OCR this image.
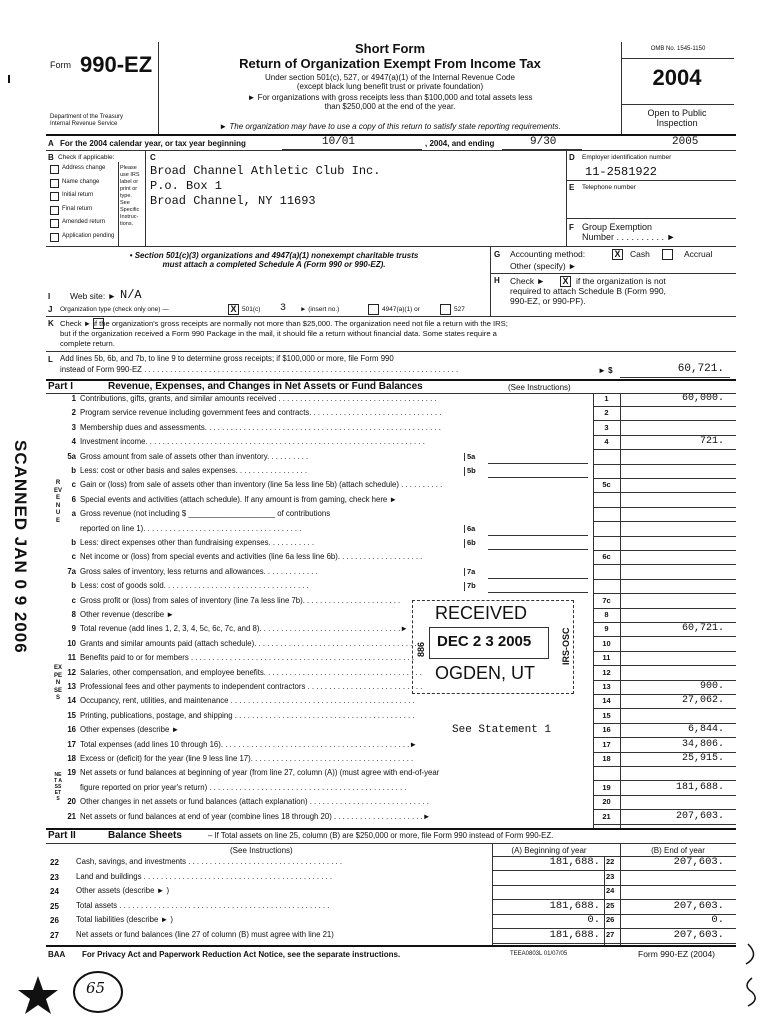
Form 990-EZ
Department of the Treasury
Internal Revenue Service
Short Form
Return of Organization Exempt From Income Tax
Under section 501(c), 527, or 4947(a)(1) of the Internal Revenue Code
(except black lung benefit trust or private foundation)
► For organizations with gross receipts less than $100,000 and total assets less
than $250,000 at the end of the year.
► The organization may have to use a copy of this return to satisfy state reporting requirements.
OMB No. 1545-1150
2004
Open to Public
Inspection
A For the 2004 calendar year, or tax year beginning	10/01	, 2004, and ending	9/30	2005
B Check if applicable:
Address change
Name change
Initial return
Final return
Amended return
Application pending
Please
use IRS
label or
print or
type.
See
Specific
Instruc-
tions.
C
Broad Channel Athletic Club Inc.
P.o. Box 1
Broad Channel, NY 11693
D Employer identification number
11-2581922
E Telephone number
F Group Exemption
Number . . . . . . . . . . ►
• Section 501(c)(3) organizations and 4947(a)(1) nonexempt charitable trusts
must attach a completed Schedule A (Form 990 or 990-EZ).
G Accounting method:	X Cash	Accrual
Other (specify) ►
H Check ► X if the organization is not
required to attach Schedule B (Form 990,
990-EZ, or 990-PF).
I Web site: ► N/A
J Organization type (check only one) —	X 501(c) 3 ► (insert no.)	4947(a)(1) or	527
K Check ► if the organization's gross receipts are normally not more than $25,000. The organization need not file a return with the IRS;
but if the organization received a Form 990 Package in the mail, it should file a return without financial data. Some states require a
complete return.
L Add lines 5b, 6b, and 7b, to line 9 to determine gross receipts; if $100,000 or more, file Form 990
instead of Form 990-EZ . . . . . . . . . . . . . . . . . . . . . . . . . . . . . . . . . . . . . . . . . . . . . . . . . . . . . . . . . . . . . . . . . . . . . . . . .	► $	60,721.
Part I	Revenue, Expenses, and Changes in Net Assets or Fund Balances	(See Instructions)
1 Contributions, gifts, grants, and similar amounts received . . . . . . . . . . . . . . . . . . . . . . . . . . . . . . . . . . . . .	1	60,000.
2 Program service revenue including government fees and contracts. . . . . . . . . . . . . . . . . . . . . . . . . . . . . . .	2
3 Membership dues and assessments. . . . . . . . . . . . . . . . . . . . . . . . . . . . . . . . . . . . . . . . . . . . . . . . . . . . . . .	3
4 Investment income. . . . . . . . . . . . . . . . . . . . . . . . . . . . . . . . . . . . . . . . . . . . . . . . . . . . . . . . . . . . . . . . .	4	721.
5a Gross amount from sale of assets other than inventory. . . . . . . . . .	5a
b Less: cost or other basis and sales expenses. . . . . . . . . . . . . . . . .	5b
c Gain or (loss) from sale of assets other than inventory (line 5a less line 5b) (attach schedule) . . . . . . . . . .	5c
6 Special events and activities (attach schedule). If any amount is from gaming, check here ►
a Gross revenue (not including $ ____________________ of contributions
reported on line 1). . . . . . . . . . . . . . . . . . . . . . . . . . . . . . . . . . . . .	6a
b Less: direct expenses other than fundraising expenses. . . . . . . . . . .	6b
c Net income or (loss) from special events and activities (line 6a less line 6b). . . . . . . . . . . . . . . . . . . .	6c
7a Gross sales of inventory, less returns and allowances. . . . . . . . . . . . .	7a
b Less: cost of goods sold. . . . . . . . . . . . . . . . . . . . . . . . . . . . . . . . . .	7b
c Gross profit or (loss) from sales of inventory (line 7a less line 7b). . . . . . . . . . . . . . . . . . . . . . .	7c
8 Other revenue (describe ►	8
9 Total revenue (add lines 1, 2, 3, 4, 5c, 6c, 7c, and 8). . . . . . . . . . . . . . . . . . . . . . . . . . . . . . . . .►	9	60,721.
10 Grants and similar amounts paid (attach schedule). . . . . . . . . . . . . . . . . . . . . . . . . . . . . . . . . . . . . .	10
11 Benefits paid to or for members . . . . . . . . . . . . . . . . . . . . . . . . . . . . . . . . . . . . . . . . . . . . . . . . . . . .	11
12 Salaries, other compensation, and employee benefits. . . . . . . . . . . . . . . . . . . . . . . . . . . . . . . . . . . . .	12
13 Professional fees and other payments to independent contractors . . . . . . . . . . . . . . . . . . . . . . . . . . .	13	900.
14 Occupancy, rent, utilities, and maintenance . . . . . . . . . . . . . . . . . . . . . . . . . . . . . . . . . . . . . . . . . . .	14	27,062.
15 Printing, publications, postage, and shipping . . . . . . . . . . . . . . . . . . . . . . . . . . . . . . . . . . . . . . . . . .	15
16 Other expenses (describe ►	16
See Statement 1	6,844.
17 Total expenses (add lines 10 through 16). . . . . . . . . . . . . . . . . . . . . . . . . . . . . . . . . . . . . . . . . . . .►	17	34,806.
18 Excess or (deficit) for the year (line 9 less line 17). . . . . . . . . . . . . . . . . . . . . . . . . . . . . . . . . . . . . .	18	25,915.
19 Net assets or fund balances at beginning of year (from line 27, column (A)) (must agree with end-of-year
figure reported on prior year's return) . . . . . . . . . . . . . . . . . . . . . . . . . . . . . . . . . . . . . . . . . . . . . .	19	181,688.
20 Other changes in net assets or fund balances (attach explanation) . . . . . . . . . . . . . . . . . . . . . . . . . . . .	20
21 Net assets or fund balances at end of year (combine lines 18 through 20) . . . . . . . . . . . . . . . . . . . . .►	21	207,603.
REVENUE
EXPENSES
NET ASSETS
Part II	Balance Sheets	– If Total assets on line 25, column (B) are $250,000 or more, file Form 990 instead of Form 990-EZ.
(See Instructions)	(A) Beginning of year	(B) End of year
22 Cash, savings, and investments . . . . . . . . . . . . . . . . . . . . . . . . . . . . . . . . . . . .	181,688. 22	207,603.
23 Land and buildings . . . . . . . . . . . . . . . . . . . . . . . . . . . . . . . . . . . . . . . . . . . .	23
24 Other assets (describe ► )	24
25 Total assets . . . . . . . . . . . . . . . . . . . . . . . . . . . . . . . . . . . . . . . . . . . . . . . . .	181,688. 25	207,603.
26 Total liabilities (describe ► )	0. 26	0.
27 Net assets or fund balances (line 27 of column (B) must agree with line 21)	181,688. 27	207,603.
BAA For Privacy Act and Paperwork Reduction Act Notice, see the separate instructions.	TEEA0803L 01/07/05	Form 990-EZ (2004)
RECEIVED
DEC 2 3 2005
OGDEN, UT
886	IRS-OSC
SCANNED JAN 0 9 2006
65
